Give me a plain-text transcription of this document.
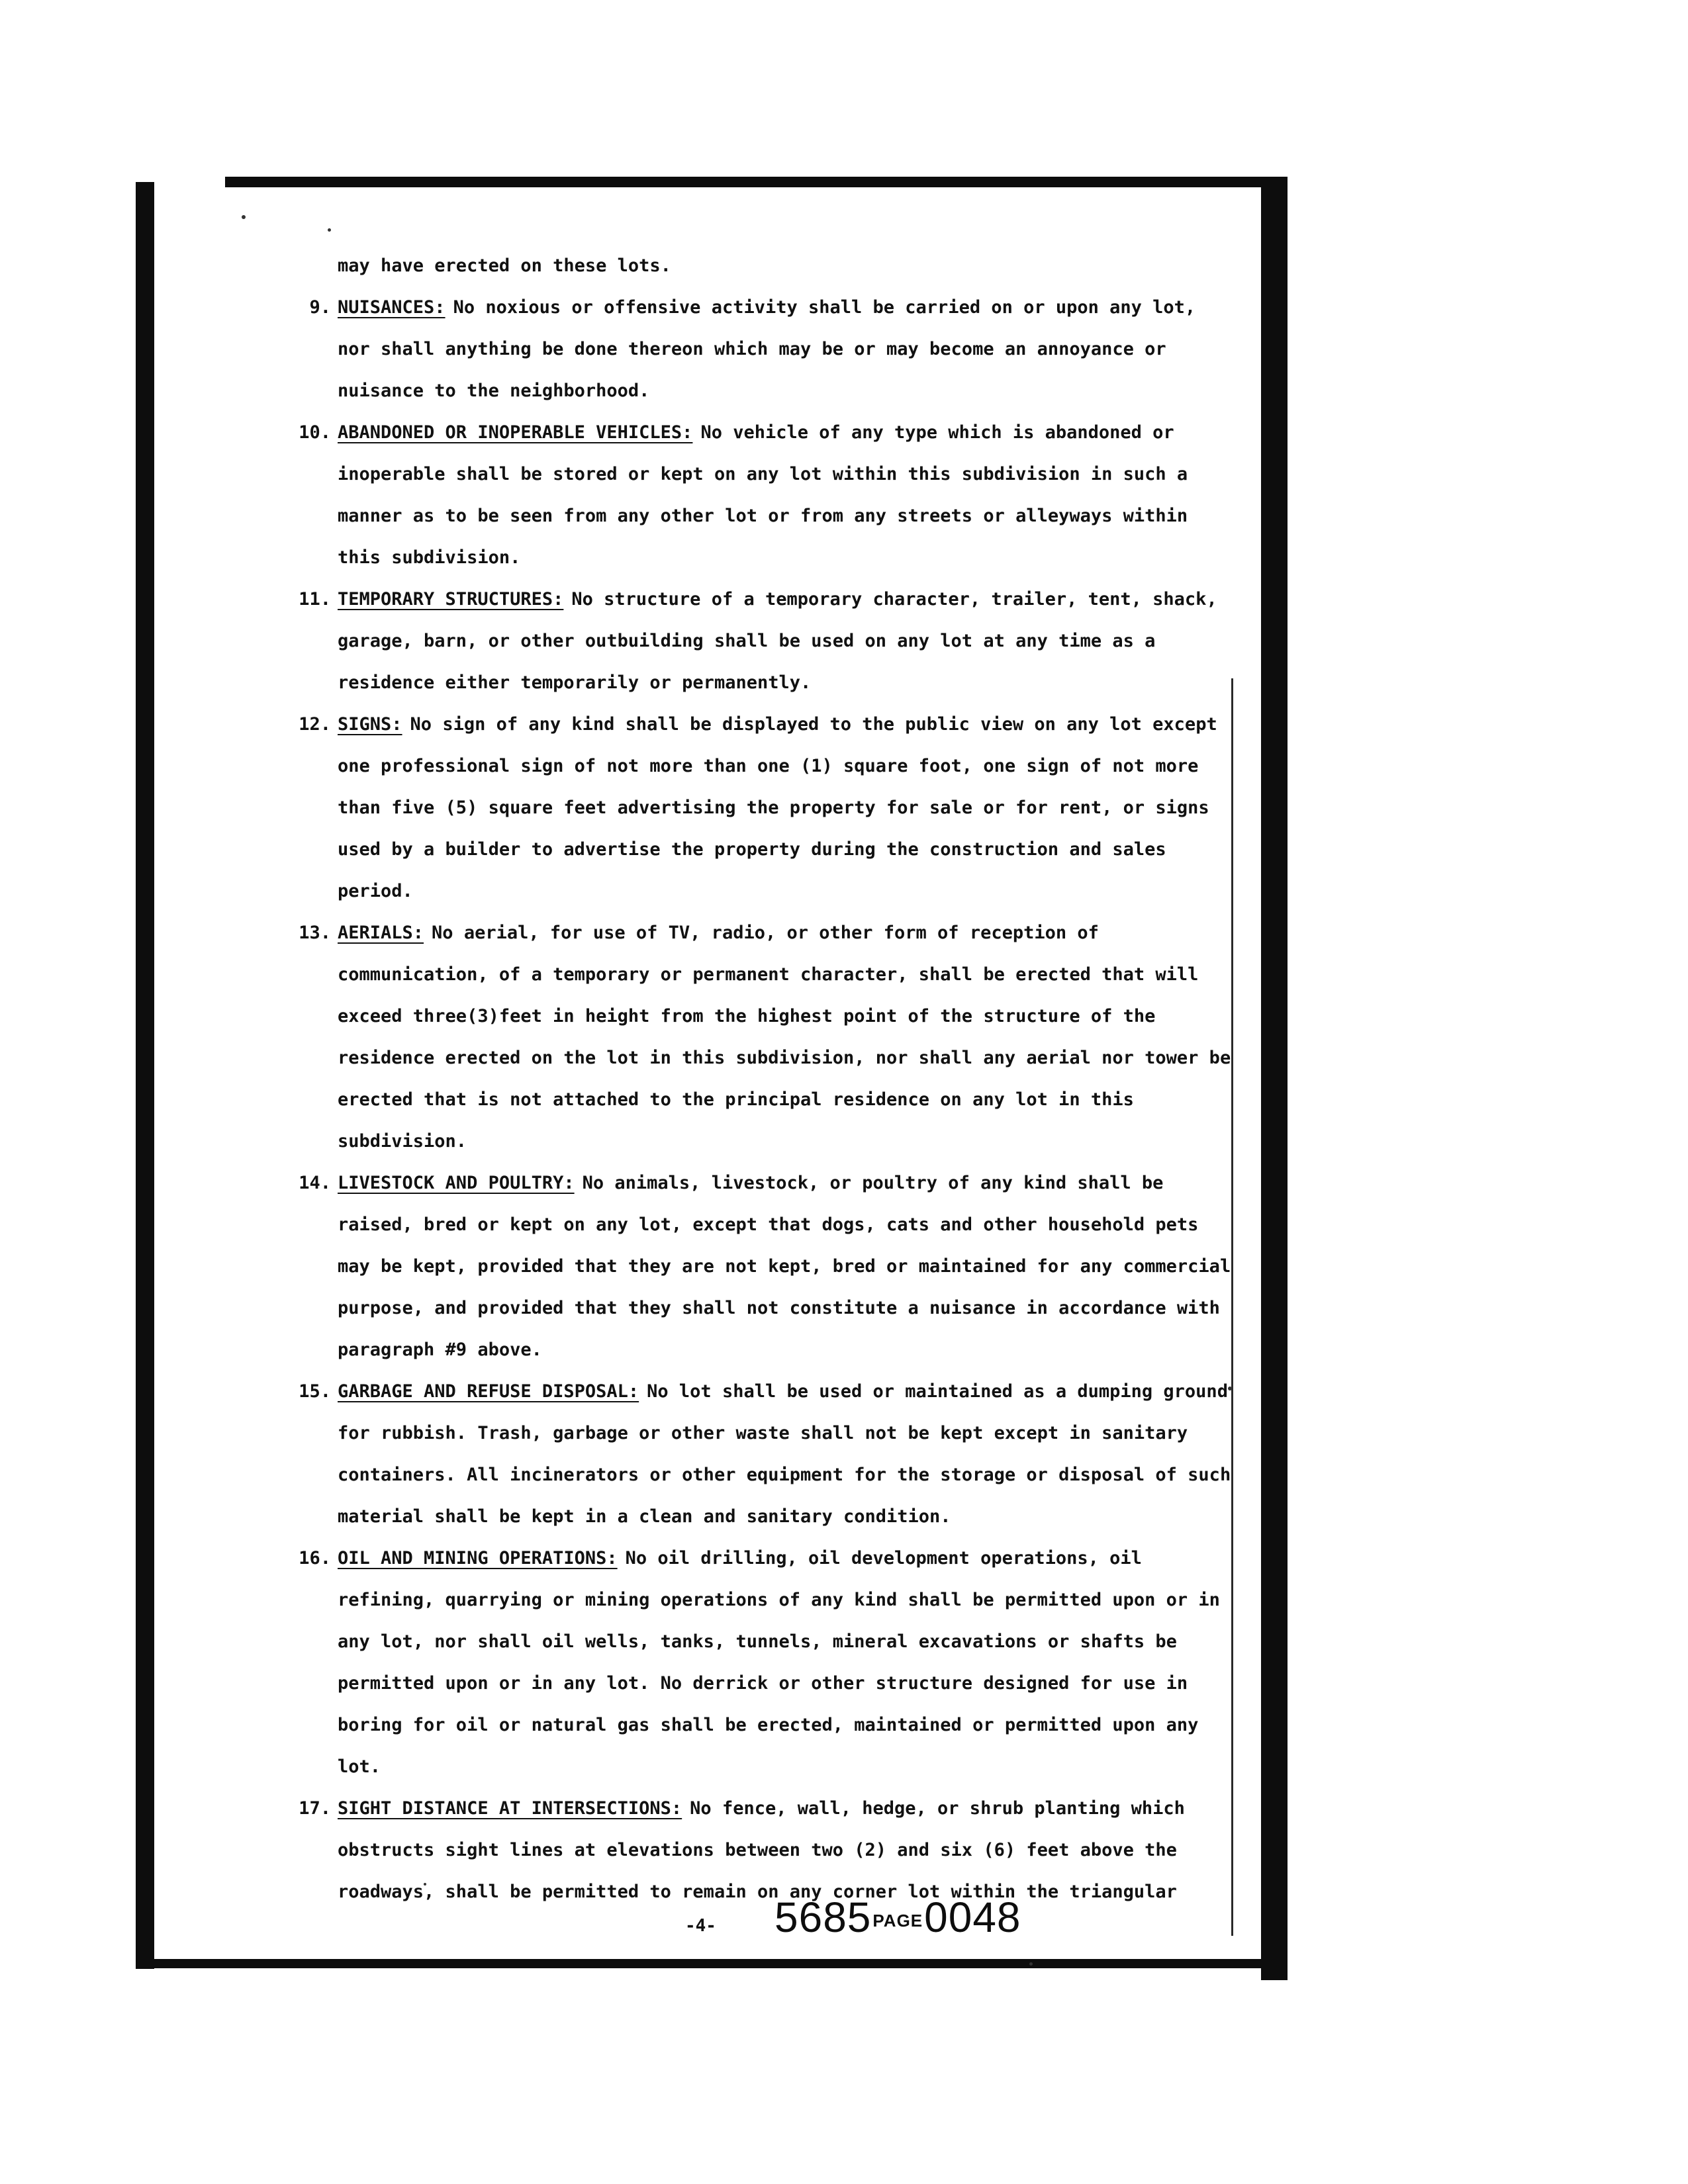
may have erected on these lots.
9. NUISANCES: No noxious or offensive activity shall be carried on or upon any lot, nor shall anything be done thereon which may be or may become an annoyance or nuisance to the neighborhood.
10. ABANDONED OR INOPERABLE VEHICLES: No vehicle of any type which is abandoned or inoperable shall be stored or kept on any lot within this subdivision in such a manner as to be seen from any other lot or from any streets or alleyways within this subdivision.
11. TEMPORARY STRUCTURES: No structure of a temporary character, trailer, tent, shack, garage, barn, or other outbuilding shall be used on any lot at any time as a residence either temporarily or permanently.
12. SIGNS: No sign of any kind shall be displayed to the public view on any lot except one professional sign of not more than one (1) square foot, one sign of not more than five (5) square feet advertising the property for sale or for rent, or signs used by a builder to advertise the property during the construction and sales period.
13. AERIALS: No aerial, for use of TV, radio, or other form of reception of communication, of a temporary or permanent character, shall be erected that will exceed three(3)feet in height from the highest point of the structure of the residence erected on the lot in this subdivision, nor shall any aerial nor tower be erected that is not attached to the principal residence on any lot in this subdivision.
14. LIVESTOCK AND POULTRY: No animals, livestock, or poultry of any kind shall be raised, bred or kept on any lot, except that dogs, cats and other household pets may be kept, provided that they are not kept, bred or maintained for any commercial purpose, and provided that they shall not constitute a nuisance in accordance with paragraph #9 above.
15. GARBAGE AND REFUSE DISPOSAL: No lot shall be used or maintained as a dumping ground for rubbish. Trash, garbage or other waste shall not be kept except in sanitary containers. All incinerators or other equipment for the storage or disposal of such material shall be kept in a clean and sanitary condition.
16. OIL AND MINING OPERATIONS: No oil drilling, oil development operations, oil refining, quarrying or mining operations of any kind shall be permitted upon or in any lot, nor shall oil wells, tanks, tunnels, mineral excavations or shafts be permitted upon or in any lot. No derrick or other structure designed for use in boring for oil or natural gas shall be erected, maintained or permitted upon any lot.
17. SIGHT DISTANCE AT INTERSECTIONS: No fence, wall, hedge, or shrub planting which obstructs sight lines at elevations between two (2) and six (6) feet above the roadways, shall be permitted to remain on any corner lot within the triangular
-4- 5685PAGE0048
